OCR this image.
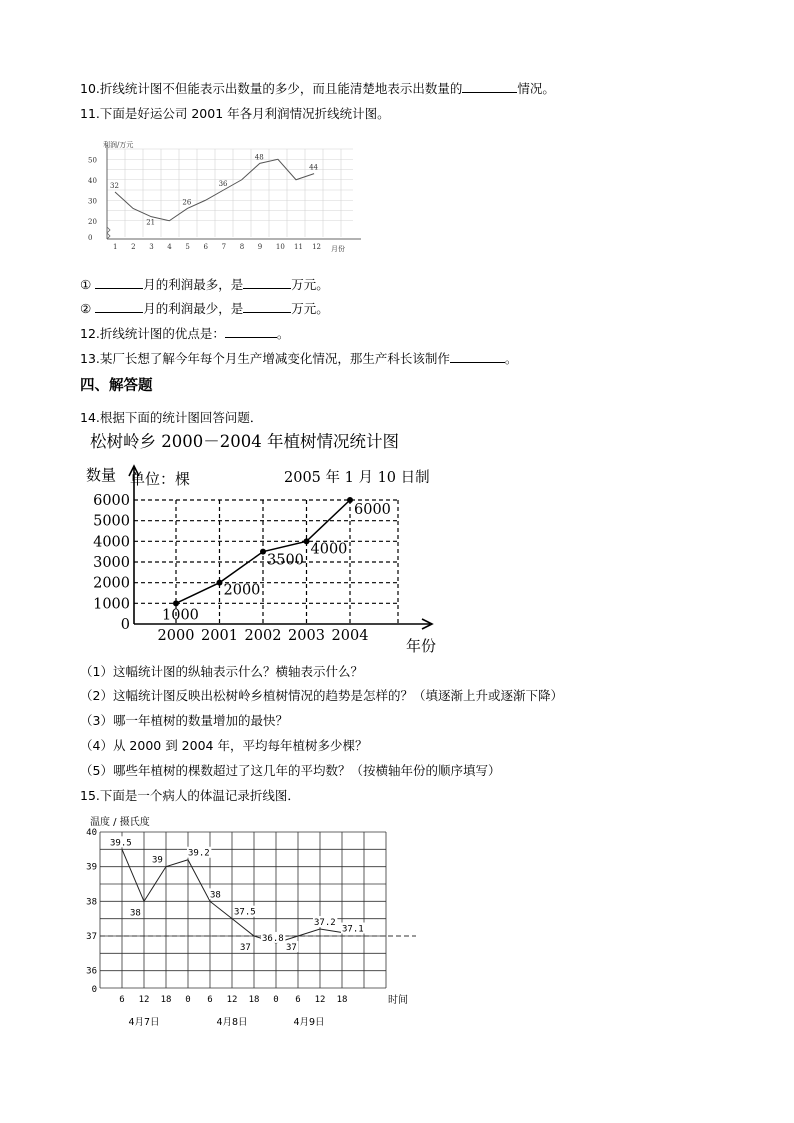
10.折线统计图不但能表示出数量的多少，而且能清楚地表示出数量的	情况。
11.下面是好运公司 2001 年各月利润情况折线统计图。
利润/万元
月份
50
40
30
20
0
1 2 3 4 5 6 7 8 9 10 11 12
32
21
26
36
48
44
①	月的利润最多，是	万元。
②	月的利润最少，是	万元。
12.折线统计图的优点是：	。
13.某厂长想了解今年每个月生产增减变化情况，那生产科长该制作	。
四、解答题
14.根据下面的统计图回答问题．
松树岭乡 2000－2004 年植树情况统计图
数量 单位：棵	2005 年 1 月 10 日制
6000
5000
4000
3000
2000
1000
0
2000 2001 2002 2003 2004
年份
1000
2000
3500
4000
6000
（1）这幅统计图的纵轴表示什么？横轴表示什么？
（2）这幅统计图反映出松树岭乡植树情况的趋势是怎样的？（填逐渐上升或逐渐下降）
（3）哪一年植树的数量增加的最快？
（4）从 2000 到 2004 年，平均每年植树多少棵？
（5）哪些年植树的棵数超过了这几年的平均数？（按横轴年份的顺序填写）
15.下面是一个病人的体温记录折线图．
温度 / 摄氏度
40
39
38
37
36
0
6 12 18 0 6 12 18 0 6 12 18	时间
4月7日	4月8日	4月9日
39.5
38
39
39.2
38
37.5
37
36.8
37
37.2
37.1
